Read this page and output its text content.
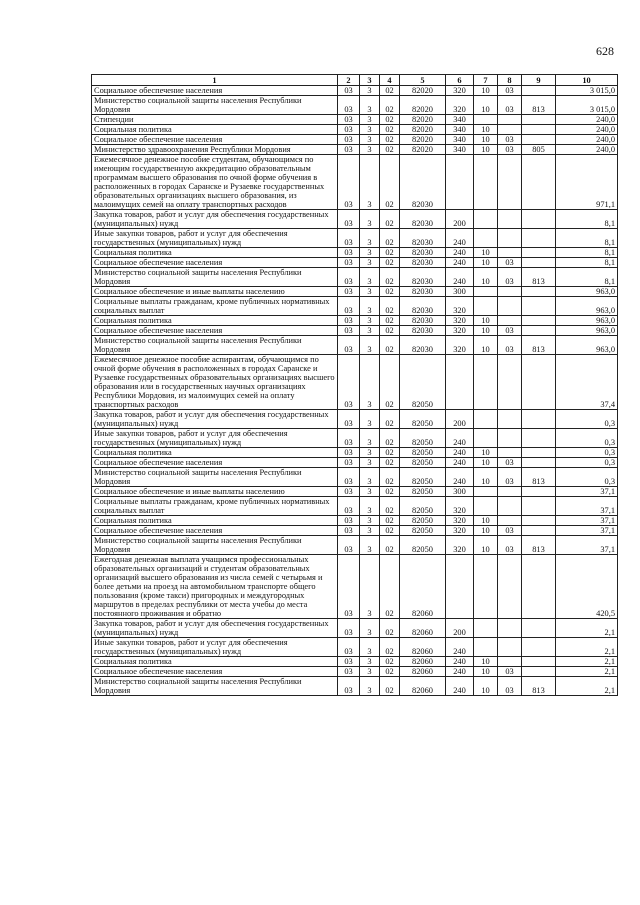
628
1	2	3	4	5	6	7	8	9	10
Социальное обеспечение населения	03	3	02	82020	320	10	03		3 015,0
Министерство социальной защиты населения Республики Мордовия	03	3	02	82020	320	10	03	813	3 015,0
Стипендии	03	3	02	82020	340				240,0
Социальная политика	03	3	02	82020	340	10			240,0
Социальное обеспечение населения	03	3	02	82020	340	10	03		240,0
Министерство здравоохранения Республики Мордовия	03	3	02	82020	340	10	03	805	240,0
Ежемесячное денежное пособие студентам, обучающимся по имеющим государственную аккредитацию образовательным программам высшего образования по очной форме обучения в расположенных в городах Саранске и Рузаевке государственных образовательных организациях высшего образования, из малоимущих семей на оплату транспортных расходов	03	3	02	82030					971,1
Закупка товаров, работ и услуг для обеспечения государственных (муниципальных) нужд	03	3	02	82030	200				8,1
Иные закупки товаров, работ и услуг для обеспечения государственных (муниципальных) нужд	03	3	02	82030	240				8,1
Социальная политика	03	3	02	82030	240	10			8,1
Социальное обеспечение населения	03	3	02	82030	240	10	03		8,1
Министерство социальной защиты населения Республики Мордовия	03	3	02	82030	240	10	03	813	8,1
Социальное обеспечение и иные выплаты населению	03	3	02	82030	300				963,0
Социальные выплаты гражданам, кроме публичных нормативных социальных выплат	03	3	02	82030	320				963,0
Социальная политика	03	3	02	82030	320	10			963,0
Социальное обеспечение населения	03	3	02	82030	320	10	03		963,0
Министерство социальной защиты населения Республики Мордовия	03	3	02	82030	320	10	03	813	963,0
Ежемесячное денежное пособие аспирантам, обучающимся по очной форме обучения в расположенных в городах Саранске и Рузаевке государственных образовательных организациях высшего образования или в государственных научных организациях Республики Мордовия, из малоимущих семей на оплату транспортных расходов	03	3	02	82050					37,4
Закупка товаров, работ и услуг для обеспечения государственных (муниципальных) нужд	03	3	02	82050	200				0,3
Иные закупки товаров, работ и услуг для обеспечения государственных (муниципальных) нужд	03	3	02	82050	240				0,3
Социальная политика	03	3	02	82050	240	10			0,3
Социальное обеспечение населения	03	3	02	82050	240	10	03		0,3
Министерство социальной защиты населения Республики Мордовия	03	3	02	82050	240	10	03	813	0,3
Социальное обеспечение и иные выплаты населению	03	3	02	82050	300				37,1
Социальные выплаты гражданам, кроме публичных нормативных социальных выплат	03	3	02	82050	320				37,1
Социальная политика	03	3	02	82050	320	10			37,1
Социальное обеспечение населения	03	3	02	82050	320	10	03		37,1
Министерство социальной защиты населения Республики Мордовия	03	3	02	82050	320	10	03	813	37,1
Ежегодная денежная выплата учащимся профессиональных образовательных организаций и студентам образовательных организаций высшего образования из числа семей с четырьмя и более детьми на проезд на автомобильном транспорте общего пользования (кроме такси) пригородных и междугородных маршрутов в пределах республики от места учебы до места постоянного проживания и обратно	03	3	02	82060					420,5
Закупка товаров, работ и услуг для обеспечения государственных (муниципальных) нужд	03	3	02	82060	200				2,1
Иные закупки товаров, работ и услуг для обеспечения государственных (муниципальных) нужд	03	3	02	82060	240				2,1
Социальная политика	03	3	02	82060	240	10			2,1
Социальное обеспечение населения	03	3	02	82060	240	10	03		2,1
Министерство социальной защиты населения Республики Мордовия	03	3	02	82060	240	10	03	813	2,1
